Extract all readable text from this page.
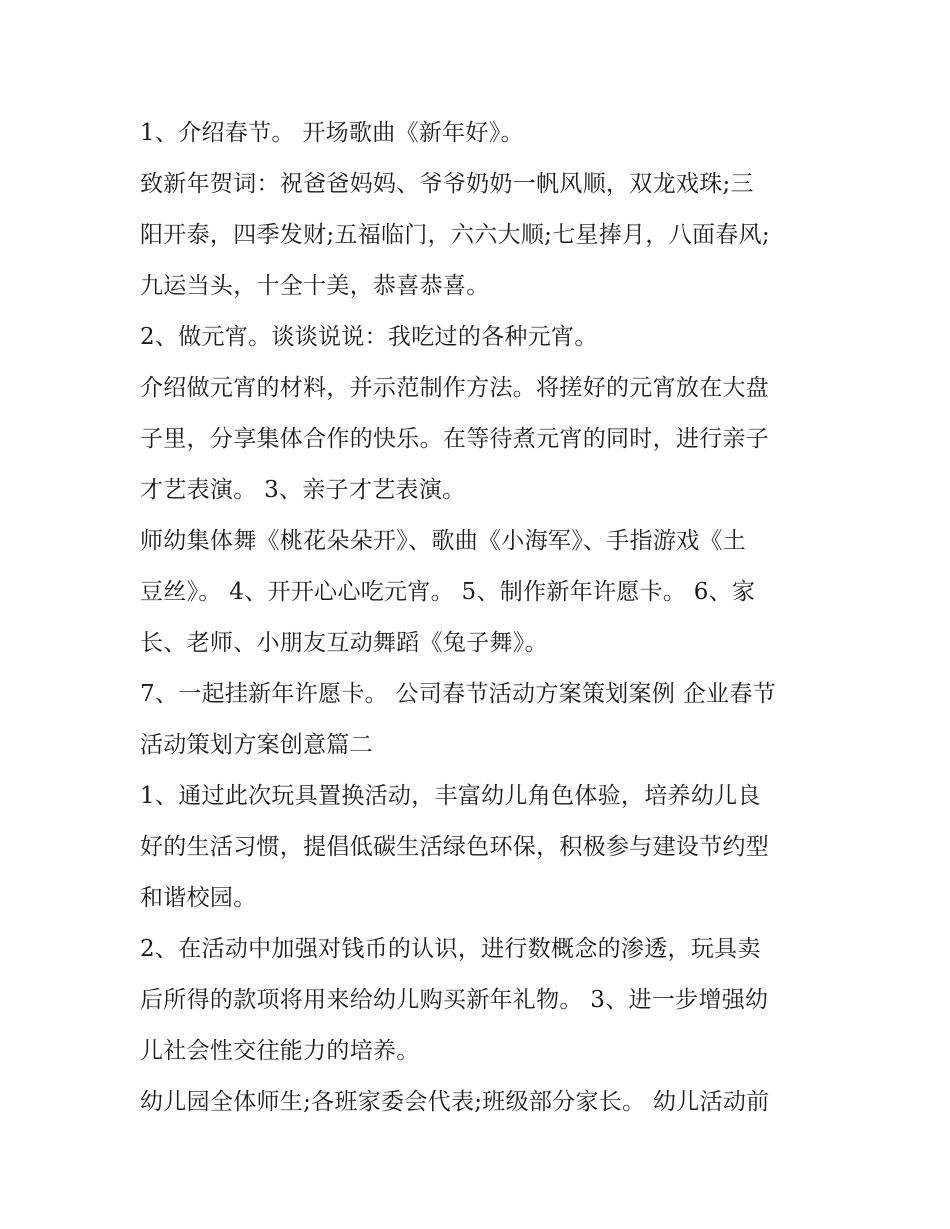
1、介绍春节。 开场歌曲《新年好》。
致新年贺词：祝爸爸妈妈、爷爷奶奶一帆风顺，双龙戏珠;三
阳开泰，四季发财;五福临门，六六大顺;七星捧月，八面春风;
九运当头，十全十美，恭喜恭喜。
2、做元宵。谈谈说说：我吃过的各种元宵。
介绍做元宵的材料，并示范制作方法。将搓好的元宵放在大盘
子里，分享集体合作的快乐。在等待煮元宵的同时，进行亲子
才艺表演。 3、亲子才艺表演。
师幼集体舞《桃花朵朵开》、歌曲《小海军》、手指游戏《土
豆丝》。 4、开开心心吃元宵。 5、制作新年许愿卡。 6、家
长、老师、小朋友互动舞蹈《兔子舞》。
7、一起挂新年许愿卡。 公司春节活动方案策划案例 企业春节
活动策划方案创意篇二
1、通过此次玩具置换活动，丰富幼儿角色体验，培养幼儿良
好的生活习惯，提倡低碳生活绿色环保，积极参与建设节约型
和谐校园。
2、在活动中加强对钱币的认识，进行数概念的渗透，玩具卖
后所得的款项将用来给幼儿购买新年礼物。 3、进一步增强幼
儿社会性交往能力的培养。
幼儿园全体师生;各班家委会代表;班级部分家长。 幼儿活动前
